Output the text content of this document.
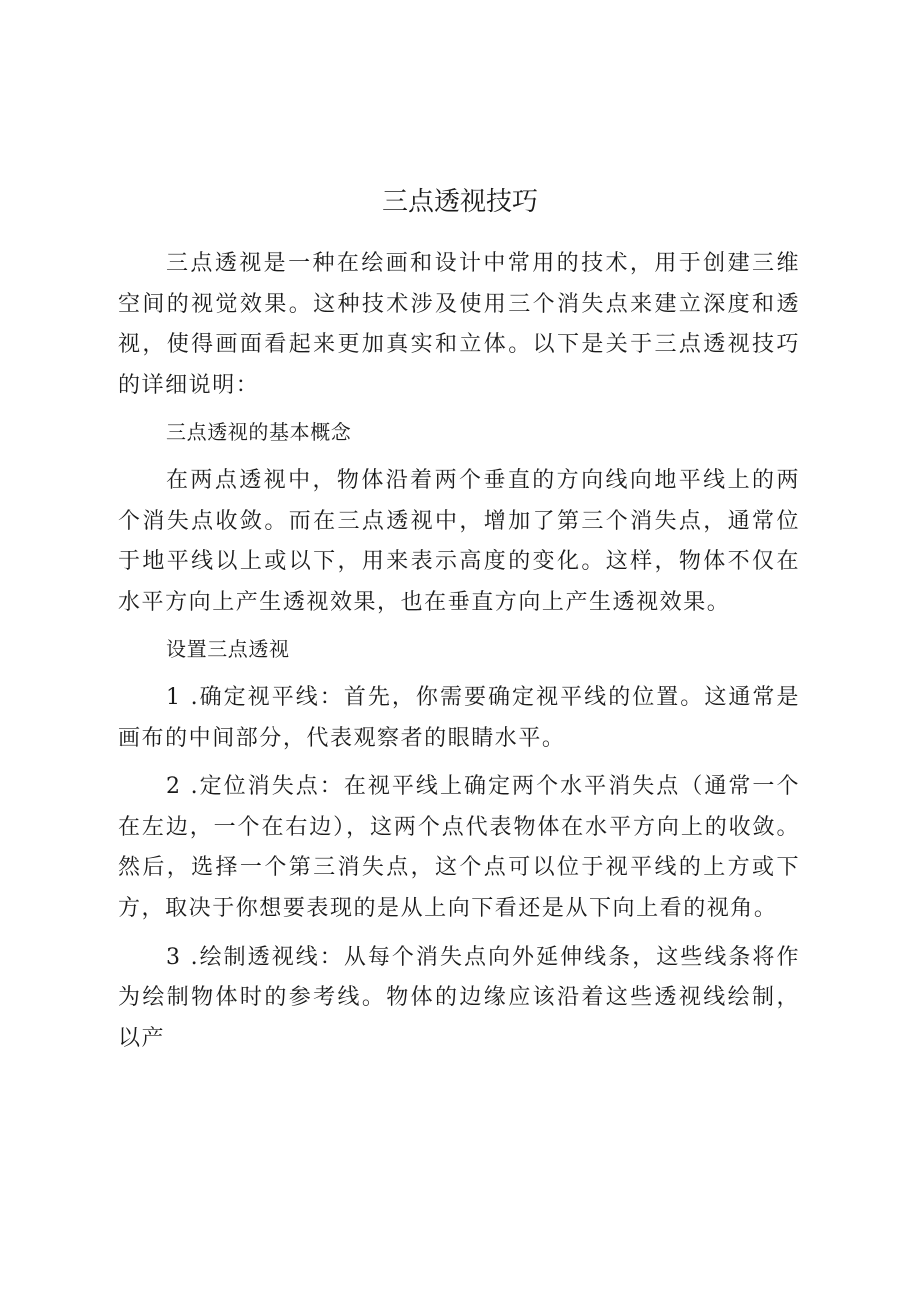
三点透视技巧

三点透视是一种在绘画和设计中常用的技术，用于创建三维空间的视觉效果。这种技术涉及使用三个消失点来建立深度和透视，使得画面看起来更加真实和立体。以下是关于三点透视技巧的详细说明：

三点透视的基本概念

在两点透视中，物体沿着两个垂直的方向线向地平线上的两个消失点收敛。而在三点透视中，增加了第三个消失点，通常位于地平线以上或以下，用来表示高度的变化。这样，物体不仅在水平方向上产生透视效果，也在垂直方向上产生透视效果。

设置三点透视

1 .确定视平线：首先，你需要确定视平线的位置。这通常是画布的中间部分，代表观察者的眼睛水平。

2 .定位消失点：在视平线上确定两个水平消失点（通常一个在左边，一个在右边），这两个点代表物体在水平方向上的收敛。然后，选择一个第三消失点，这个点可以位于视平线的上方或下方，取决于你想要表现的是从上向下看还是从下向上看的视角。

3 .绘制透视线：从每个消失点向外延伸线条，这些线条将作为绘制物体时的参考线。物体的边缘应该沿着这些透视线绘制，以产
